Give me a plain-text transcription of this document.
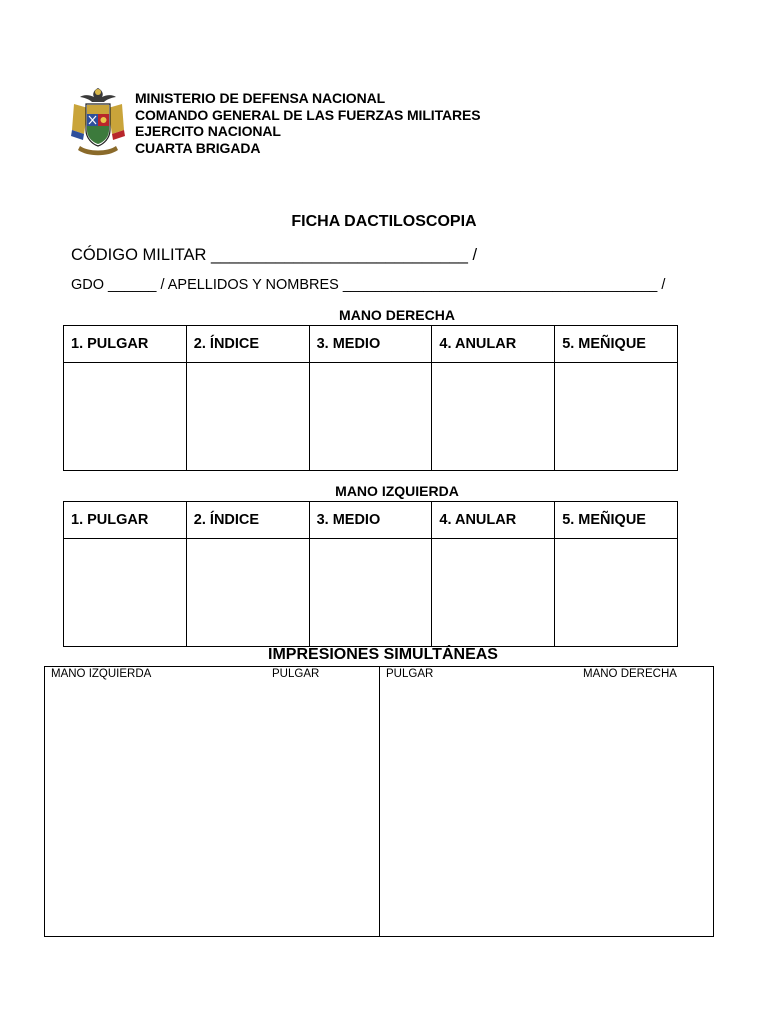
MINISTERIO DE DEFENSA NACIONAL
COMANDO GENERAL DE LAS FUERZAS MILITARES
EJERCITO NACIONAL
CUARTA BRIGADA
FICHA DACTILOSCOPIA
CÓDIGO MILITAR ____________________________ /
GDO ______ / APELLIDOS Y NOMBRES _______________________________________ /
MANO DERECHA
1. PULGAR	2. ÍNDICE	3. MEDIO	4. ANULAR	5. MEÑIQUE

MANO IZQUIERDA
1. PULGAR	2. ÍNDICE	3. MEDIO	4. ANULAR	5. MEÑIQUE

IMPRESIONES SIMULTÁNEAS
MANO IZQUIERDA	PULGAR	PULGAR	MANO DERECHA
